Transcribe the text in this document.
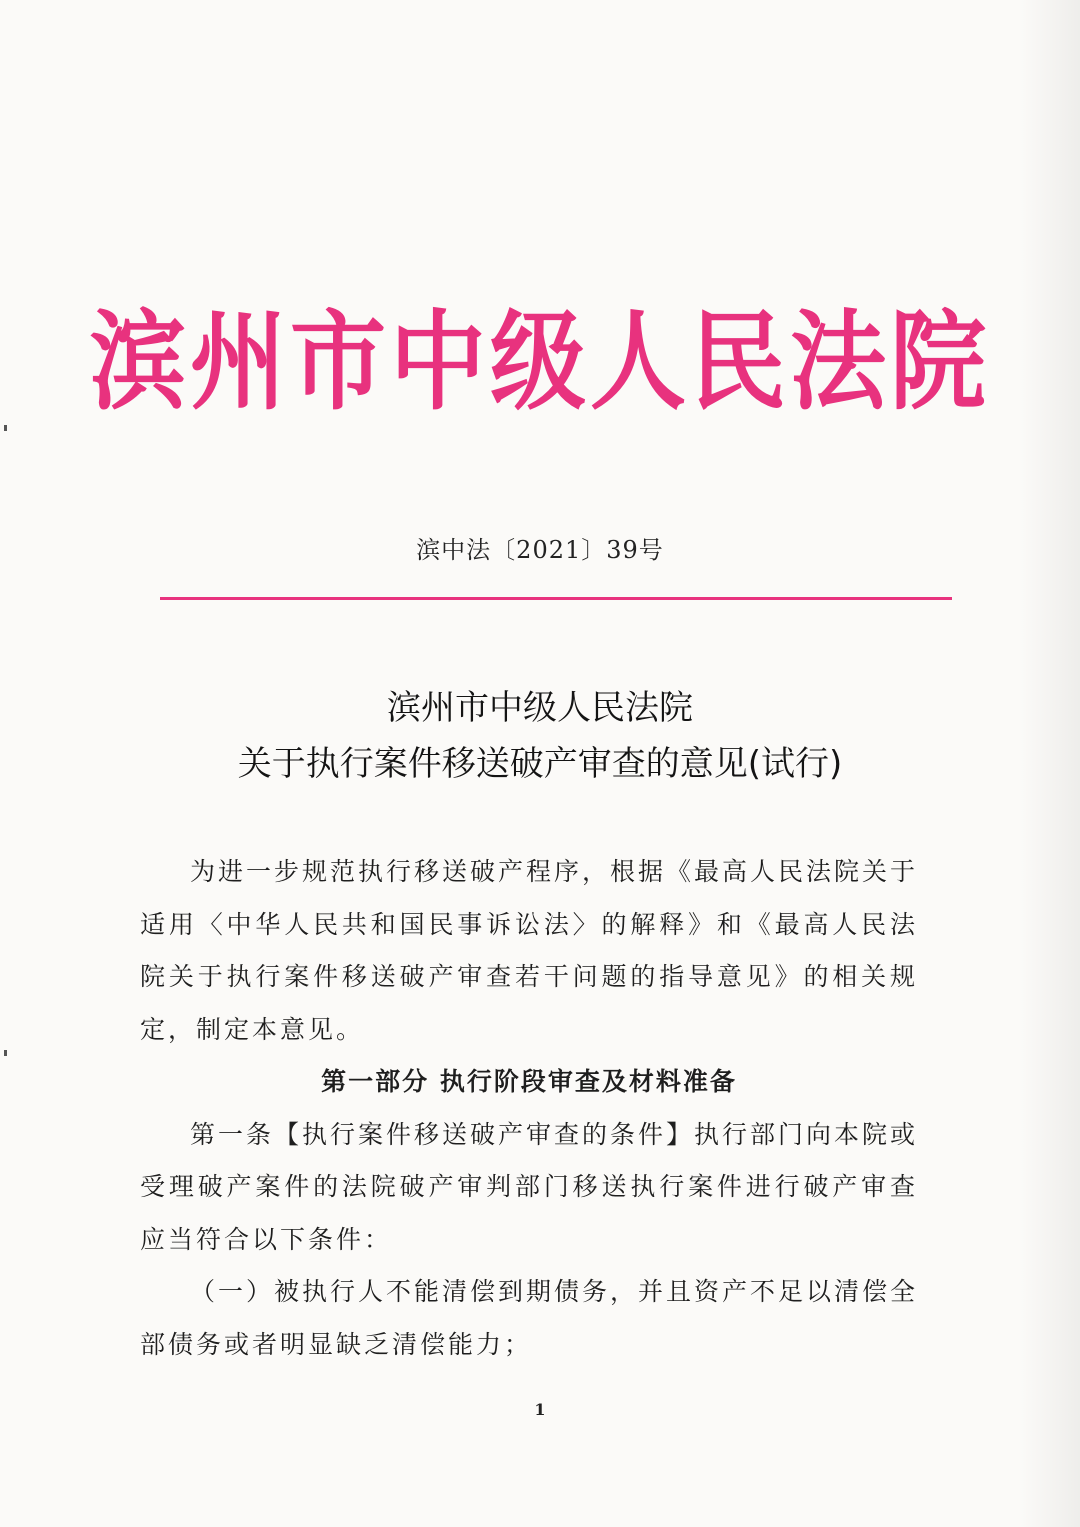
滨州市中级人民法院
滨中法〔2021〕39号
滨州市中级人民法院
关于执行案件移送破产审查的意见(试行)

为进一步规范执行移送破产程序，根据《最高人民法院关于适用〈中华人民共和国民事诉讼法〉的解释》和《最高人民法院关于执行案件移送破产审查若干问题的指导意见》的相关规定，制定本意见。

第一部分 执行阶段审查及材料准备

第一条【执行案件移送破产审查的条件】执行部门向本院或受理破产案件的法院破产审判部门移送执行案件进行破产审查应当符合以下条件：

（一）被执行人不能清偿到期债务，并且资产不足以清偿全部债务或者明显缺乏清偿能力；

1
